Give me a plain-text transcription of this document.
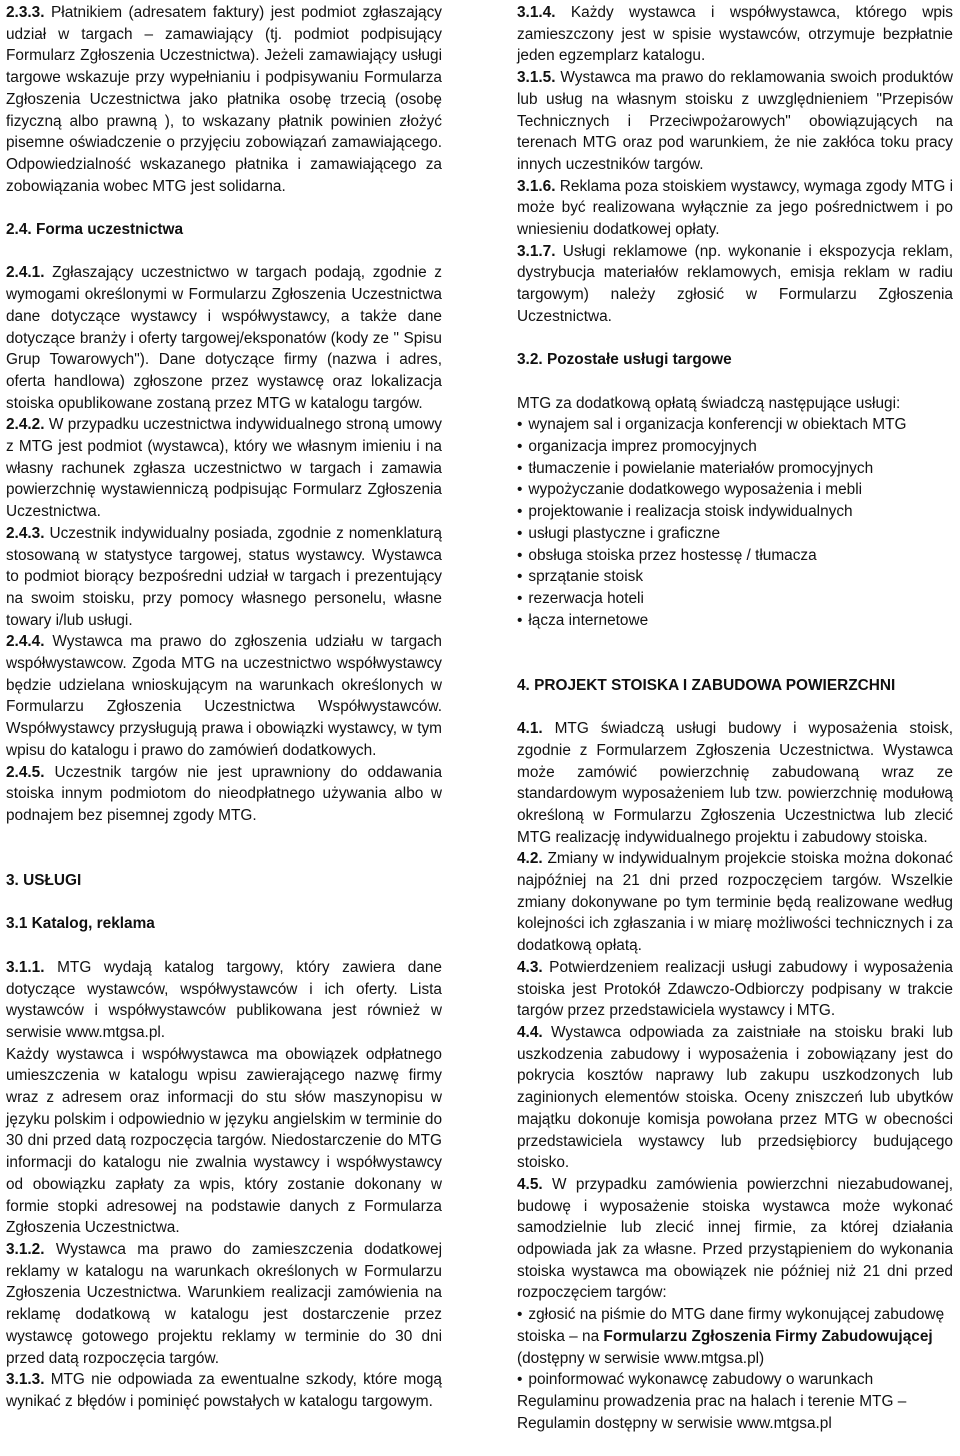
2.3.3. Płatnikiem (adresatem faktury) jest podmiot zgłaszający udział w targach – zamawiający (tj. podmiot podpisujący Formularz Zgłoszenia Uczestnictwa). Jeżeli zamawiający usługi targowe wskazuje przy wypełnianiu i podpisywaniu Formularza Zgłoszenia Uczestnictwa jako płatnika osobę trzecią (osobę fizyczną albo prawną ), to wskazany płatnik powinien złożyć pisemne oświadczenie o przyjęciu zobowiązań zamawiającego. Odpowiedzialność wskazanego płatnika i zamawiającego za zobowiązania wobec MTG jest solidarna.

2.4. Forma uczestnictwa

2.4.1. Zgłaszający uczestnictwo w targach podają, zgodnie z wymogami określonymi w Formularzu Zgłoszenia Uczestnictwa dane dotyczące wystawcy i współwystawcy, a także dane dotyczące branży i oferty targowej/eksponatów (kody ze " Spisu Grup Towarowych"). Dane dotyczące firmy (nazwa i adres, oferta handlowa) zgłoszone przez wystawcę oraz lokalizacja stoiska opublikowane zostaną przez MTG w katalogu targów.

2.4.2. W przypadku uczestnictwa indywidualnego stroną umowy z MTG jest podmiot (wystawca), który we własnym imieniu i na własny rachunek zgłasza uczestnictwo w targach i zamawia powierzchnię wystawienniczą podpisując Formularz Zgłoszenia Uczestnictwa.

2.4.3. Uczestnik indywidualny posiada, zgodnie z nomenklaturą stosowaną w statystyce targowej, status wystawcy. Wystawca to podmiot biorący bezpośredni udział w targach i prezentujący na swoim stoisku, przy pomocy własnego personelu, własne towary i/lub usługi.

2.4.4. Wystawca ma prawo do zgłoszenia udziału w targach współwystawcow. Zgoda MTG na uczestnictwo współwystawcy będzie udzielana wnioskującym na warunkach określonych w Formularzu Zgłoszenia Uczestnictwa Współwystawców. Współwystawcy przysługują prawa i obowiązki wystawcy, w tym wpisu do katalogu i prawo do zamówień dodatkowych.

2.4.5. Uczestnik targów nie jest uprawniony do oddawania stoiska innym podmiotom do nieodpłatnego używania albo w podnajem bez pisemnej zgody MTG.

3. USŁUGI
3.1 Katalog, reklama

3.1.1. MTG wydają katalog targowy, który zawiera dane dotyczące wystawców, współwystawców i ich oferty. Lista wystawców i współwystawców publikowana jest również w serwisie www.mtgsa.pl.

Każdy wystawca i współwystawca ma obowiązek odpłatnego umieszczenia w katalogu wpisu zawierającego nazwę firmy wraz z adresem oraz informacji do stu słów maszynopisu w języku polskim i odpowiednio w języku angielskim w terminie do 30 dni przed datą rozpoczęcia targów. Niedostarczenie do MTG informacji do katalogu nie zwalnia wystawcy i współwystawcy od obowiązku zapłaty za wpis, który zostanie dokonany w formie stopki adresowej na podstawie danych z Formularza Zgłoszenia Uczestnictwa.

3.1.2. Wystawca ma prawo do zamieszczenia dodatkowej reklamy w katalogu na warunkach określonych w Formularzu Zgłoszenia Uczestnictwa. Warunkiem realizacji zamówienia na reklamę dodatkową w katalogu jest dostarczenie przez wystawcę gotowego projektu reklamy w terminie do 30 dni przed datą rozpoczęcia targów.

3.1.3. MTG nie odpowiada za ewentualne szkody, które mogą wynikać z błędów i pominięć powstałych w katalogu targowym.

3.1.4. Każdy wystawca i współwystawca, którego wpis zamieszczony jest w spisie wystawców, otrzymuje bezpłatnie jeden egzemplarz katalogu.

3.1.5. Wystawca ma prawo do reklamowania swoich produktów lub usług na własnym stoisku z uwzględnieniem "Przepisów Technicznych i Przeciwpożarowych" obowiązujących na terenach MTG oraz pod warunkiem, że nie zakłóca toku pracy innych uczestników targów.

3.1.6. Reklama poza stoiskiem wystawcy, wymaga zgody MTG i może być realizowana wyłącznie za jego pośrednictwem i po wniesieniu dodatkowej opłaty.

3.1.7. Usługi reklamowe (np. wykonanie i ekspozycja reklam, dystrybucja materiałów reklamowych, emisja reklam w radiu targowym) należy zgłosić w Formularzu Zgłoszenia Uczestnictwa.

3.2. Pozostałe usługi targowe

MTG za dodatkową opłatą świadczą następujące usługi:

• wynajem sal i organizacja konferencji w obiektach MTG
• organizacja imprez promocyjnych
• tłumaczenie i powielanie materiałów promocyjnych
• wypożyczanie dodatkowego wyposażenia i mebli
• projektowanie i realizacja stoisk indywidualnych
• usługi plastyczne i graficzne
• obsługa stoiska przez hostessę / tłumacza
• sprzątanie stoisk
• rezerwacja hoteli
• łącza internetowe
4. PROJEKT STOISKA I ZABUDOWA POWIERZCHNI

4.1. MTG świadczą usługi budowy i wyposażenia stoisk, zgodnie z Formularzem Zgłoszenia Uczestnictwa. Wystawca może zamówić powierzchnię zabudowaną wraz ze standardowym wyposażeniem lub tzw. powierzchnię modułową określoną w Formularzu Zgłoszenia Uczestnictwa lub zlecić MTG realizację indywidualnego projektu i zabudowy stoiska.

4.2. Zmiany w indywidualnym projekcie stoiska można dokonać najpóźniej na 21 dni przed rozpoczęciem targów. Wszelkie zmiany dokonywane po tym terminie będą realizowane według kolejności ich zgłaszania i w miarę możliwości technicznych i za dodatkową opłatą.

4.3. Potwierdzeniem realizacji usługi zabudowy i wyposażenia stoiska jest Protokół Zdawczo-Odbiorczy podpisany w trakcie targów przez przedstawiciela wystawcy i MTG.

4.4. Wystawca odpowiada za zaistniałe na stoisku braki lub uszkodzenia zabudowy i wyposażenia i zobowiązany jest do pokrycia kosztów naprawy lub zakupu uszkodzonych lub zaginionych elementów stoiska. Oceny zniszczeń lub ubytków majątku dokonuje komisja powołana przez MTG w obecności przedstawiciela wystawcy lub przedsiębiorcy budującego stoisko.

4.5. W przypadku zamówienia powierzchni niezabudowanej, budowę i wyposażenie stoiska wystawca może wykonać samodzielnie lub zlecić innej firmie, za której działania odpowiada jak za własne. Przed przystąpieniem do wykonania stoiska wystawca ma obowiązek nie później niż 21 dni przed rozpoczęciem targów:

• zgłosić na piśmie do MTG dane firmy wykonującej zabudowę stoiska – na Formularzu Zgłoszenia Firmy Zabudowującej (dostępny w serwisie www.mtgsa.pl)
• poinformować wykonawcę zabudowy o warunkach Regulaminu prowadzenia prac na halach i terenie MTG – Regulamin dostępny w serwisie www.mtgsa.pl
